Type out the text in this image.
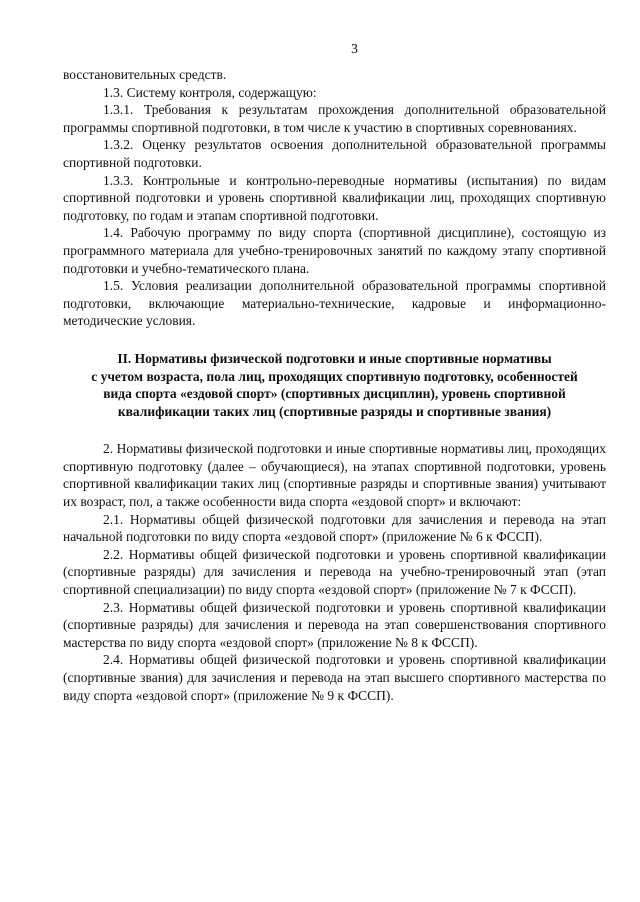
3

восстановительных средств.

1.3. Систему контроля, содержащую:

1.3.1. Требования к результатам прохождения дополнительной образовательной программы спортивной подготовки, в том числе к участию в спортивных соревнованиях.

1.3.2. Оценку результатов освоения дополнительной образовательной программы спортивной подготовки.

1.3.3. Контрольные и контрольно-переводные нормативы (испытания) по видам спортивной подготовки и уровень спортивной квалификации лиц, проходящих спортивную подготовку, по годам и этапам спортивной подготовки.

1.4. Рабочую программу по виду спорта (спортивной дисциплине), состоящую из программного материала для учебно-тренировочных занятий по каждому этапу спортивной подготовки и учебно-тематического плана.

1.5. Условия реализации дополнительной образовательной программы спортивной подготовки, включающие материально-технические, кадровые и информационно-методические условия.

II. Нормативы физической подготовки и иные спортивные нормативы
с учетом возраста, пола лиц, проходящих спортивную подготовку, особенностей
вида спорта «ездовой спорт» (спортивных дисциплин), уровень спортивной
квалификации таких лиц (спортивные разряды и спортивные звания)

2. Нормативы физической подготовки и иные спортивные нормативы лиц, проходящих спортивную подготовку (далее – обучающиеся), на этапах спортивной подготовки, уровень спортивной квалификации таких лиц (спортивные разряды и спортивные звания) учитывают их возраст, пол, а также особенности вида спорта «ездовой спорт» и включают:

2.1. Нормативы общей физической подготовки для зачисления и перевода на этап начальной подготовки по виду спорта «ездовой спорт» (приложение № 6 к ФССП).

2.2. Нормативы общей физической подготовки и уровень спортивной квалификации (спортивные разряды) для зачисления и перевода на учебно-тренировочный этап (этап спортивной специализации) по виду спорта «ездовой спорт» (приложение № 7 к ФССП).

2.3. Нормативы общей физической подготовки и уровень спортивной квалификации (спортивные разряды) для зачисления и перевода на этап совершенствования спортивного мастерства по виду спорта «ездовой спорт» (приложение № 8 к ФССП).

2.4. Нормативы общей физической подготовки и уровень спортивной квалификации (спортивные звания) для зачисления и перевода на этап высшего спортивного мастерства по виду спорта «ездовой спорт» (приложение № 9 к ФССП).
